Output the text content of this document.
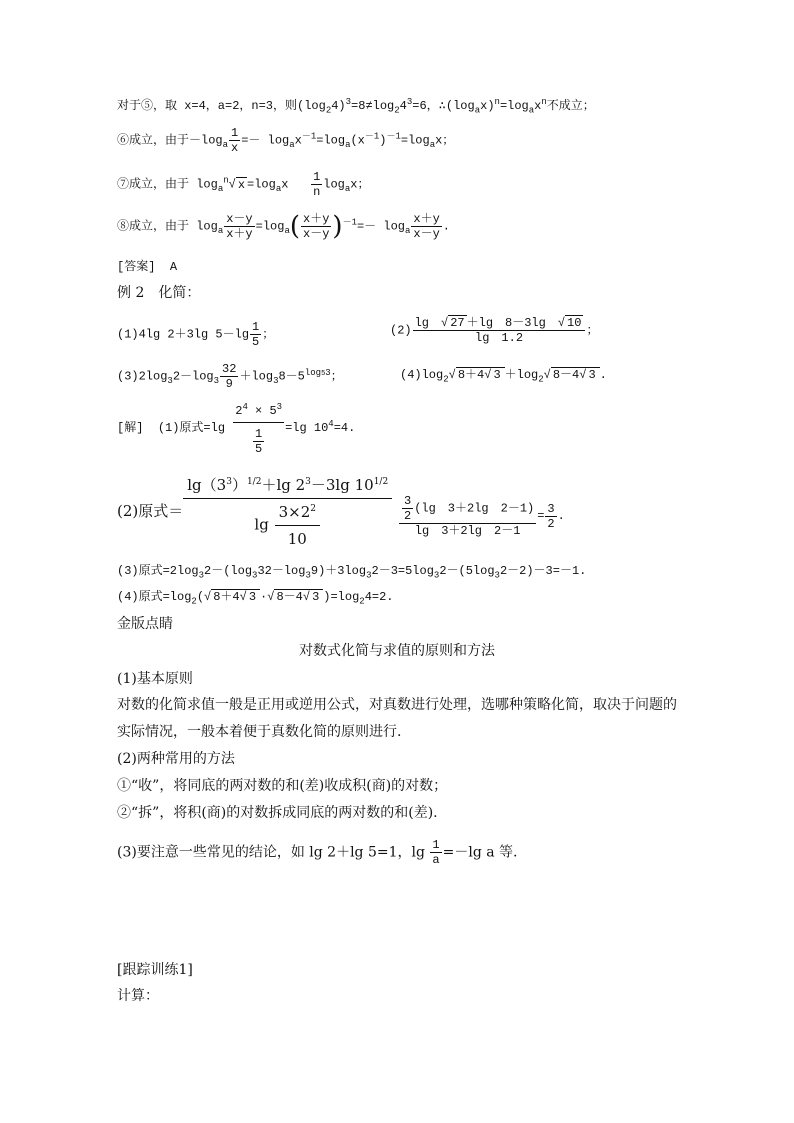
对于⑤，取 x=4，a=2，n=3，则$(\log_24)^3=8\ne\log_24^3=6$，$\therefore(\log_ax)^n=\log_ax^n$不成立；
⑥成立，由于$-\log_a \frac{1}{x} =- \log_ax^{-1}=\log_a(x^{-1})^{-1}=\log_ax$；
⑦成立，由于 $\log_a^n√$ $x =\log_ax \frac{1}{n} \log_ax$；
⑧成立，由于 $\log_a \frac{x-y}{x+y} =\log_a( \frac{x+y}{x-y} )^{-1}=- \log_a \frac{x+y}{x-y}$ .
[答案] A
例 2　化简：
(1)4lg 2＋3lg $5-\lg \frac{1}{5}$ ；	$(2) \frac{\lg √ 27 +\lg 8-3\lg √ 10}{\lg 1.2}$ ；
$(3)2\log_32-\log_3 \frac{32}{9} +\log_38-5^{log53}$；	$(4)\log_2√$ 8＋4√ $3 +\log_2√$ 8－4√ 3 .
[解] (1)原式$=\lg \frac{2^4 \times 5^3}{\frac{1}{5}} =\lg$ $10^4=4$.
(2)原式＝ $\frac{\lg(3^3)^{1/2}+\lg 2^3-3\lg 10^{1/2}}{\lg \frac{3\times 2^2}{10}} \frac{\frac{3}{2} (\lg 3+2\lg 2-1)}{\lg 3+2\lg 2-1} = \frac{3}{2}$ .
(3)原式$=2\log_32-(\log_332-\log_39)+3\log_32-3=5\log_32-(5\log_32-2)-3=-1$.
(4)原式$=\log_2(√$ 8＋4√ 3 ·√ 8－4√ 3 )$=\log_24=2$.
金版点睛
对数式化简与求值的原则和方法
(1)基本原则
对数的化简求值一般是正用或逆用公式，对真数进行处理，选哪种策略化简，取决于问题的
实际情况，一般本着便于真数化简的原则进行.
(2)两种常用的方法
①“收”，将同底的两对数的和(差)收成积(商)的对数；
②“拆”，将积(商)的对数拆成同底的两对数的和(差).
(3)要注意一些常见的结论，如 lg 2＋lg 5=1，$\lg \frac{1}{a} =-\lg$ a 等.
[跟踪训练1]
计算：
